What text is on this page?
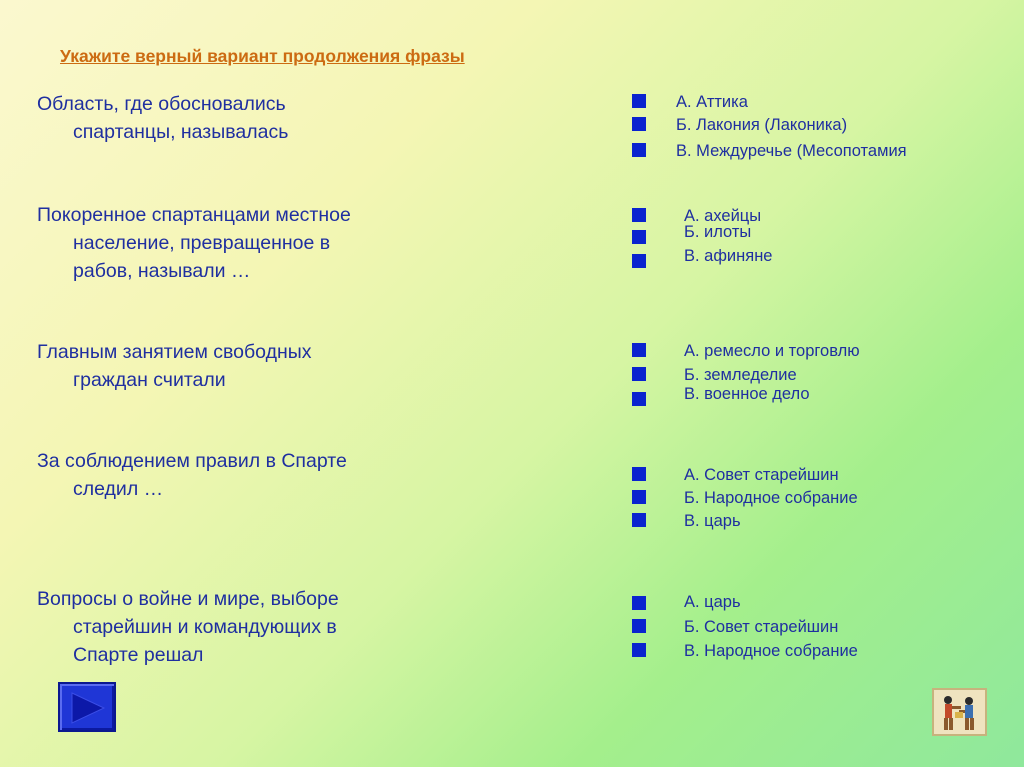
Укажите верный вариант продолжения фразы

Область, где обосновались
спартанцы, называлась

А. Аттика
Б. Лакония (Лаконика)
В. Междуречье (Месопотамия

Покоренное спартанцами местное
население, превращенное в
рабов, называли …

А. ахейцы
Б. илоты
В. афиняне

Главным занятием свободных
граждан считали

А. ремесло и торговлю
Б. земледелие
В. военное дело

За соблюдением правил в Спарте
следил …

А. Совет старейшин
Б. Народное собрание
В. царь

Вопросы о войне и мире, выборе
старейшин и командующих в
Спарте решал

А. царь
Б. Совет старейшин
В. Народное собрание
